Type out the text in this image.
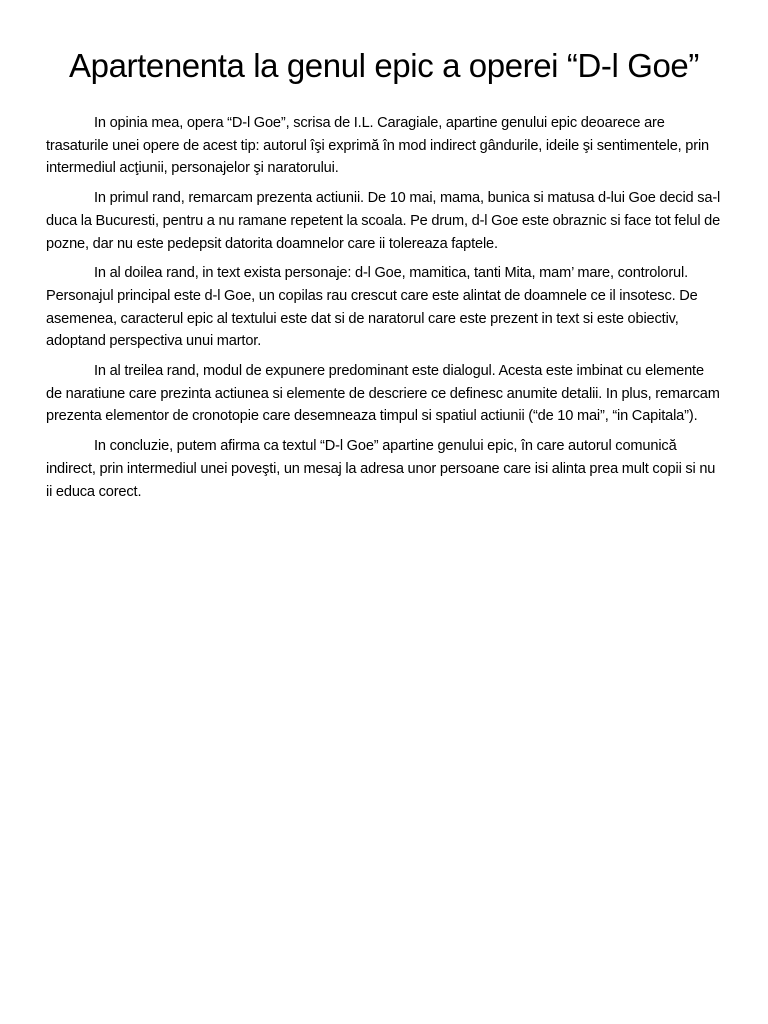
Apartenenta la genul epic a operei “D-l Goe”

In opinia mea, opera “D-l Goe”, scrisa de I.L. Caragiale, apartine genului epic deoarece are trasaturile unei opere de acest tip: autorul îşi exprimă în mod indirect gândurile, ideile şi sentimentele, prin intermediul acţiunii, personajelor şi naratorului.

In primul rand, remarcam prezenta actiunii. De 10 mai, mama, bunica si matusa d-lui Goe decid sa-l duca la Bucuresti, pentru a nu ramane repetent la scoala. Pe drum, d-l Goe este obraznic si face tot felul de pozne, dar nu este pedepsit datorita doamnelor care ii tolereaza faptele.

In al doilea rand, in text exista personaje: d-l Goe, mamitica, tanti Mita, mam’ mare, controlorul. Personajul principal este d-l Goe, un copilas rau crescut care este alintat de doamnele ce il insotesc. De asemenea, caracterul epic al textului este dat si de naratorul care este prezent in text si este obiectiv, adoptand perspectiva unui martor.

In al treilea rand, modul de expunere predominant este dialogul. Acesta este imbinat cu elemente de naratiune care prezinta actiunea si elemente de descriere ce definesc anumite detalii. In plus, remarcam prezenta elementor de cronotopie care desemneaza timpul si spatiul actiunii (“de 10 mai”, “in Capitala”).

In concluzie, putem afirma ca textul “D-l Goe” apartine genului epic, în care autorul comunică indirect, prin intermediul unei poveşti, un mesaj la adresa unor persoane care isi alinta prea mult copii si nu ii educa corect.
